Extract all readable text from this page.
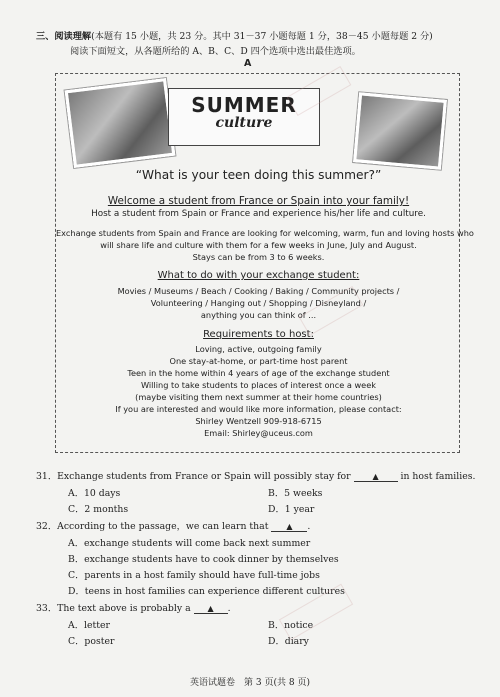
三、阅读理解(本题有 15 小题，共 23 分。其中 31－37 小题每题 1 分，38－45 小题每题 2 分)
阅读下面短文，从各题所给的 A、B、C、D 四个选项中选出最佳选项。
A
SUMMER
culture
“What is your teen doing this summer?”
Welcome a student from France or Spain into your family!
Host a student from Spain or France and experience his/her life and culture.
Exchange students from Spain and France are looking for welcoming, warm, fun and loving hosts who
will share life and culture with them for a few weeks in June, July and August.
Stays can be from 3 to 6 weeks.
What to do with your exchange student:
Movies / Museums / Beach / Cooking / Baking / Community projects /
Volunteering / Hanging out / Shopping / Disneyland /
anything you can think of ...
Requirements to host:
Loving, active, outgoing family
One stay-at-home, or part-time host parent
Teen in the home within 4 years of age of the exchange student
Willing to take students to places of interest once a week
(maybe visiting them next summer at their home countries)
If you are interested and would like more information, please contact:
Shirley Wentzell 909-918-6715
Email: Shirley@uceus.com
31．Exchange students from France or Spain will possibly stay for	▲ in host families.
A．10 days	B．5 weeks
C．2 months	D．1 year
32．According to the passage，we can learn that ▲ .
A．exchange students will come back next summer
B．exchange students have to cook dinner by themselves
C．parents in a host family should have full-time jobs
D．teens in host families can experience different cultures
33．The text above is probably a ▲ .
A．letter	B．notice
C．poster	D．diary
英语试题卷　第 3 页(共 8 页)
